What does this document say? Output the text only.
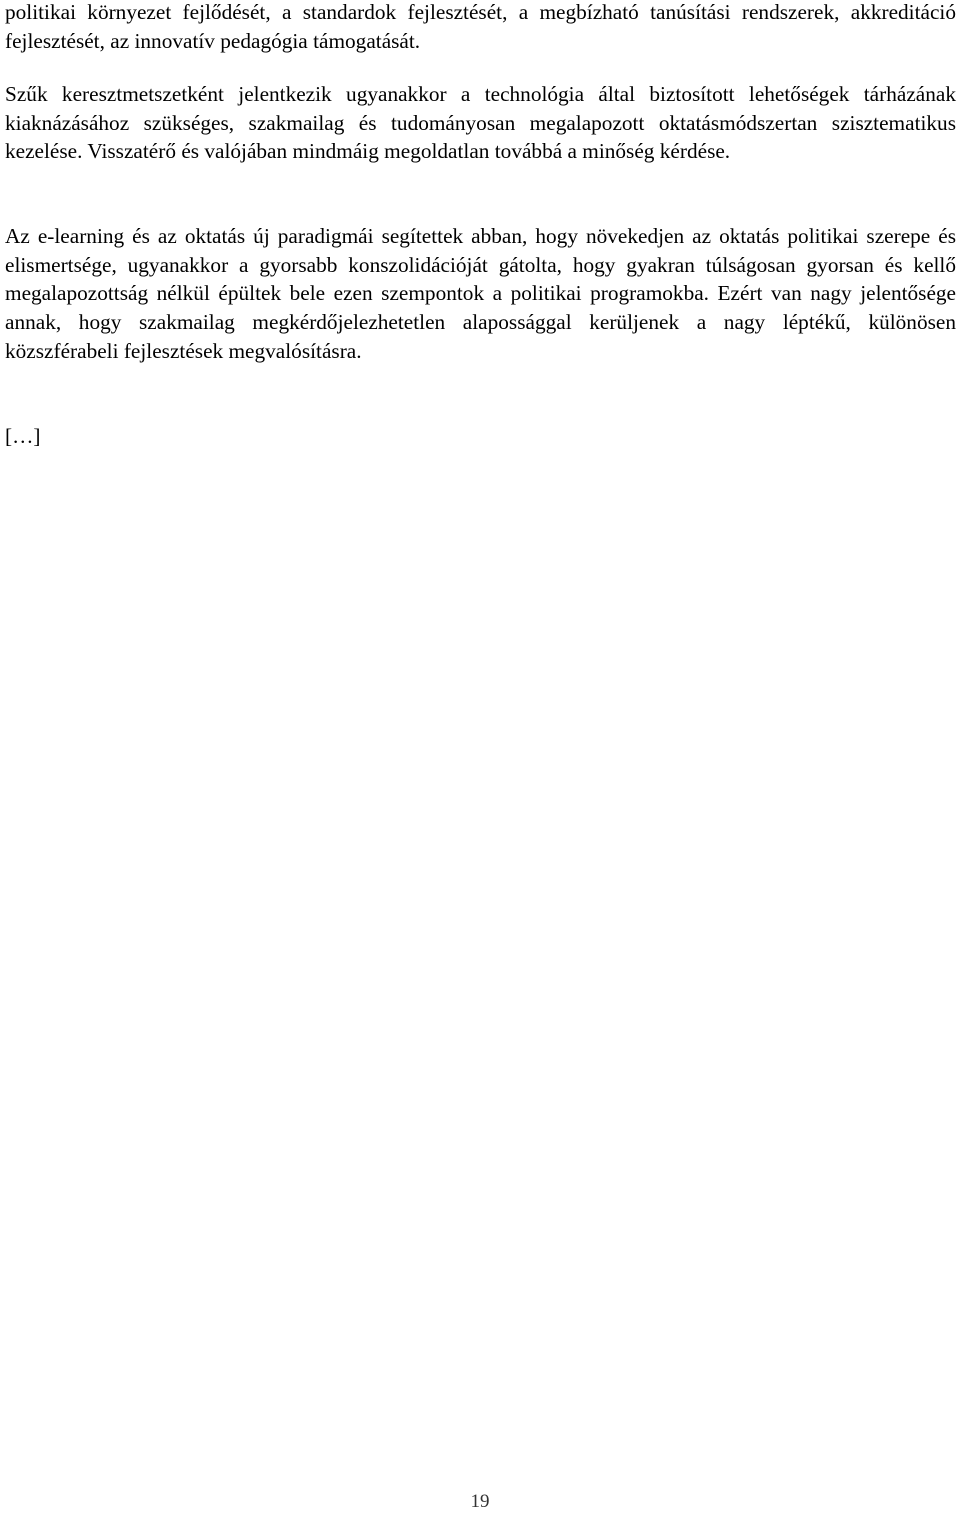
politikai környezet fejlődését, a standardok fejlesztését, a megbízható tanúsítási rendszerek, akkreditáció fejlesztését, az innovatív pedagógia támogatását.

Szűk keresztmetszetként jelentkezik ugyanakkor a technológia által biztosított lehetőségek tárházának kiaknázásához szükséges, szakmailag és tudományosan megalapozott oktatásmódszertan szisztematikus kezelése. Visszatérő és valójában mindmáig megoldatlan továbbá a minőség kérdése.

Az e-learning és az oktatás új paradigmái segítettek abban, hogy növekedjen az oktatás politikai szerepe és elismertsége, ugyanakkor a gyorsabb konszolidációját gátolta, hogy gyakran túlságosan gyorsan és kellő megalapozottság nélkül épültek bele ezen szempontok a politikai programokba. Ezért van nagy jelentősége annak, hogy szakmailag megkérdőjelezhetetlen alapossággal kerüljenek a nagy léptékű, különösen közszférabeli fejlesztések megvalósításra.

[…]

19
